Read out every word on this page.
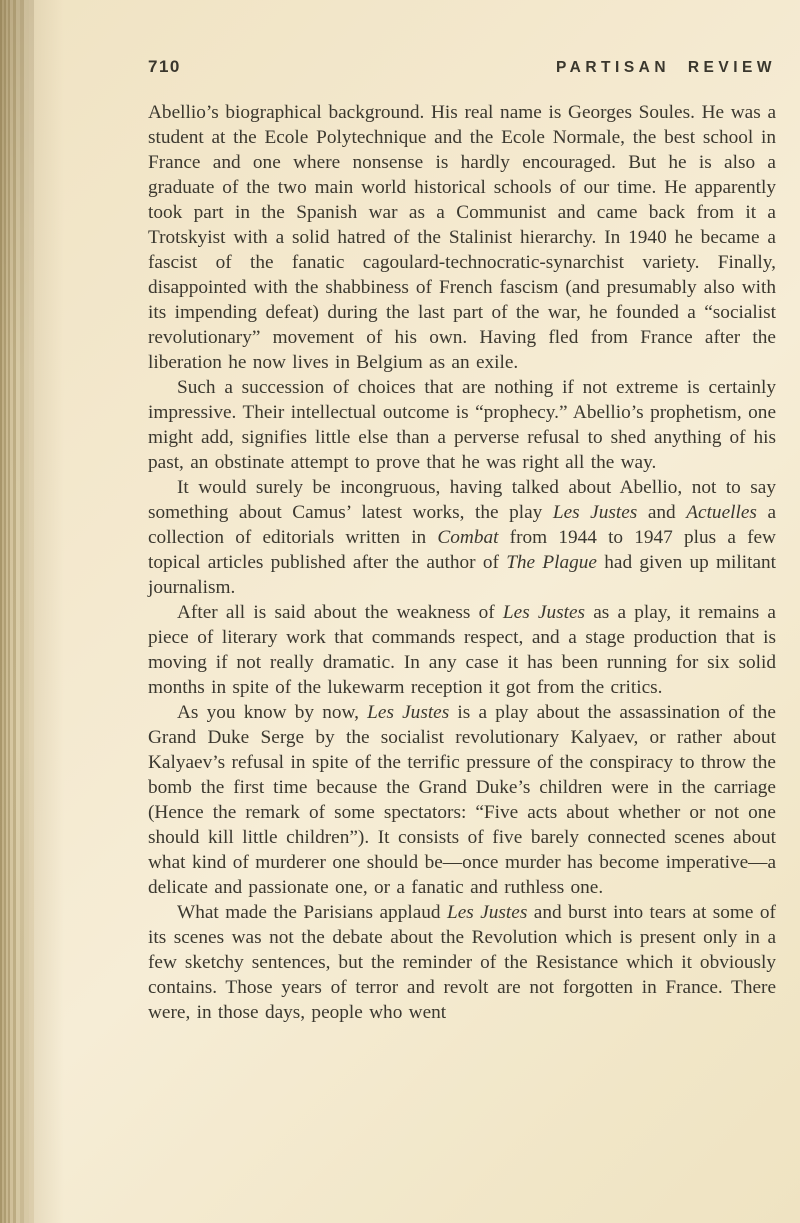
710	PARTISAN REVIEW

Abellio’s biographical background. His real name is Georges Soules. He was a student at the Ecole Polytechnique and the Ecole Normale, the best school in France and one where nonsense is hardly encouraged. But he is also a graduate of the two main world historical schools of our time. He apparently took part in the Spanish war as a Communist and came back from it a Trotskyist with a solid hatred of the Stalinist hierarchy. In 1940 he became a fascist of the fanatic cagoulard-technocratic-synarchist variety. Finally, disappointed with the shabbiness of French fascism (and presumably also with its impending defeat) during the last part of the war, he founded a “socialist revolutionary” movement of his own. Having fled from France after the liberation he now lives in Belgium as an exile.

Such a succession of choices that are nothing if not extreme is certainly impressive. Their intellectual outcome is “prophecy.” Abellio’s prophetism, one might add, signifies little else than a perverse refusal to shed anything of his past, an obstinate attempt to prove that he was right all the way.

It would surely be incongruous, having talked about Abellio, not to say something about Camus’ latest works, the play Les Justes and Actuelles a collection of editorials written in Combat from 1944 to 1947 plus a few topical articles published after the author of The Plague had given up militant journalism.

After all is said about the weakness of Les Justes as a play, it remains a piece of literary work that commands respect, and a stage production that is moving if not really dramatic. In any case it has been running for six solid months in spite of the lukewarm reception it got from the critics.

As you know by now, Les Justes is a play about the assassination of the Grand Duke Serge by the socialist revolutionary Kalyaev, or rather about Kalyaev’s refusal in spite of the terrific pressure of the conspiracy to throw the bomb the first time because the Grand Duke’s children were in the carriage (Hence the remark of some spectators: “Five acts about whether or not one should kill little children”). It consists of five barely connected scenes about what kind of murderer one should be—once murder has become imperative—a delicate and passionate one, or a fanatic and ruthless one.

What made the Parisians applaud Les Justes and burst into tears at some of its scenes was not the debate about the Revolution which is present only in a few sketchy sentences, but the reminder of the Resistance which it obviously contains. Those years of terror and revolt are not forgotten in France. There were, in those days, people who went
